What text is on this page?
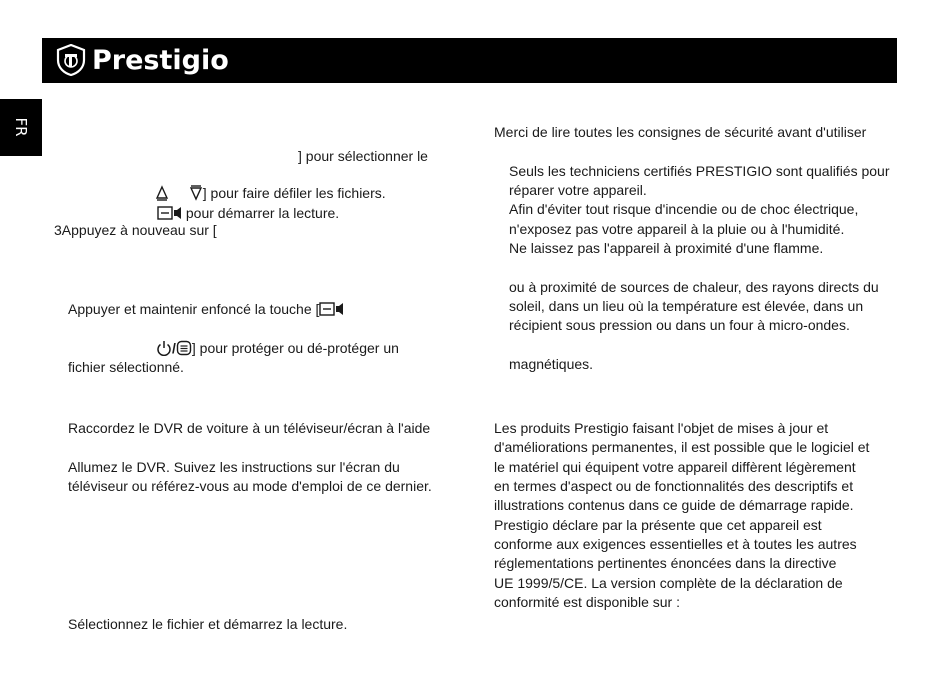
Prestigio
FR
] pour sélectionner le
] pour faire défiler les fichiers.
pour démarrer la lecture.
3Appuyez à nouveau sur [
Appuyer et maintenir enfoncé la touche [
/ ] pour protéger ou dé-protéger un
fichier sélectionné.
Raccordez le DVR de voiture à un téléviseur/écran à l'aide
Allumez le DVR. Suivez les instructions sur l'écran du
téléviseur ou référez-vous au mode d'emploi de ce dernier.
Sélectionnez le fichier et démarrez la lecture.
Merci de lire toutes les consignes de sécurité avant d'utiliser
Seuls les techniciens certifiés PRESTIGIO sont qualifiés pour
réparer votre appareil.
Afin d'éviter tout risque d'incendie ou de choc électrique,
n'exposez pas votre appareil à la pluie ou à l'humidité.
Ne laissez pas l'appareil à proximité d'une flamme.
ou à proximité de sources de chaleur, des rayons directs du
soleil, dans un lieu où la température est élevée, dans un
récipient sous pression ou dans un four à micro-ondes.
magnétiques.
Les produits Prestigio faisant l'objet de mises à jour et
d'améliorations permanentes, il est possible que le logiciel et
le matériel qui équipent votre appareil diffèrent légèrement
en termes d'aspect ou de fonctionnalités des descriptifs et
illustrations contenus dans ce guide de démarrage rapide.
Prestigio déclare par la présente que cet appareil est
conforme aux exigences essentielles et à toutes les autres
réglementations pertinentes énoncées dans la directive
UE 1999/5/CE. La version complète de la déclaration de
conformité est disponible sur :
